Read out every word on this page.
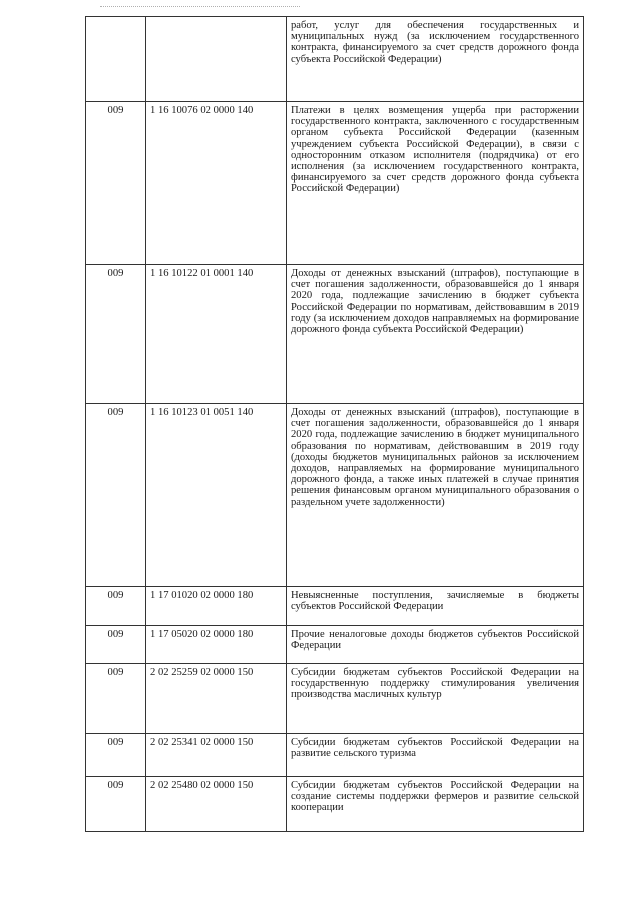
		работ, услуг для обеспечения государственных и муниципальных нужд (за исключением государственного контракта, финансируемого за счет средств дорожного фонда субъекта Российской Федерации)
009	1 16 10076 02 0000 140	Платежи в целях возмещения ущерба при расторжении государственного контракта, заключенного с государственным органом субъекта Российской Федерации (казенным учреждением субъекта Российской Федерации), в связи с односторонним отказом исполнителя (подрядчика) от его исполнения (за исключением государственного контракта, финансируемого за счет средств дорожного фонда субъекта Российской Федерации)
009	1 16 10122 01 0001 140	Доходы от денежных взысканий (штрафов), поступающие в счет погашения задолженности, образовавшейся до 1 января 2020 года, подлежащие зачислению в бюджет субъекта Российской Федерации по нормативам, действовавшим в 2019 году (за исключением доходов направляемых на формирование дорожного фонда субъекта Российской Федерации)
009	1 16 10123 01 0051 140	Доходы от денежных взысканий (штрафов), поступающие в счет погашения задолженности, образовавшейся до 1 января 2020 года, подлежащие зачислению в бюджет муниципального образования по нормативам, действовавшим в 2019 году (доходы бюджетов муниципальных районов за исключением доходов, направляемых на формирование муниципального дорожного фонда, а также иных платежей в случае принятия решения финансовым органом муниципального образования о раздельном учете задолженности)
009	1 17 01020 02 0000 180	Невыясненные поступления, зачисляемые в бюджеты субъектов Российской Федерации
009	1 17 05020 02 0000 180	Прочие неналоговые доходы бюджетов субъектов Российской Федерации
009	2 02 25259 02 0000 150	Субсидии бюджетам субъектов Российской Федерации на государственную поддержку стимулирования увеличения производства масличных культур
009	2 02 25341 02 0000 150	Субсидии бюджетам субъектов Российской Федерации на развитие сельского туризма
009	2 02 25480 02 0000 150	Субсидии бюджетам субъектов Российской Федерации на создание системы поддержки фермеров и развитие сельской кооперации
